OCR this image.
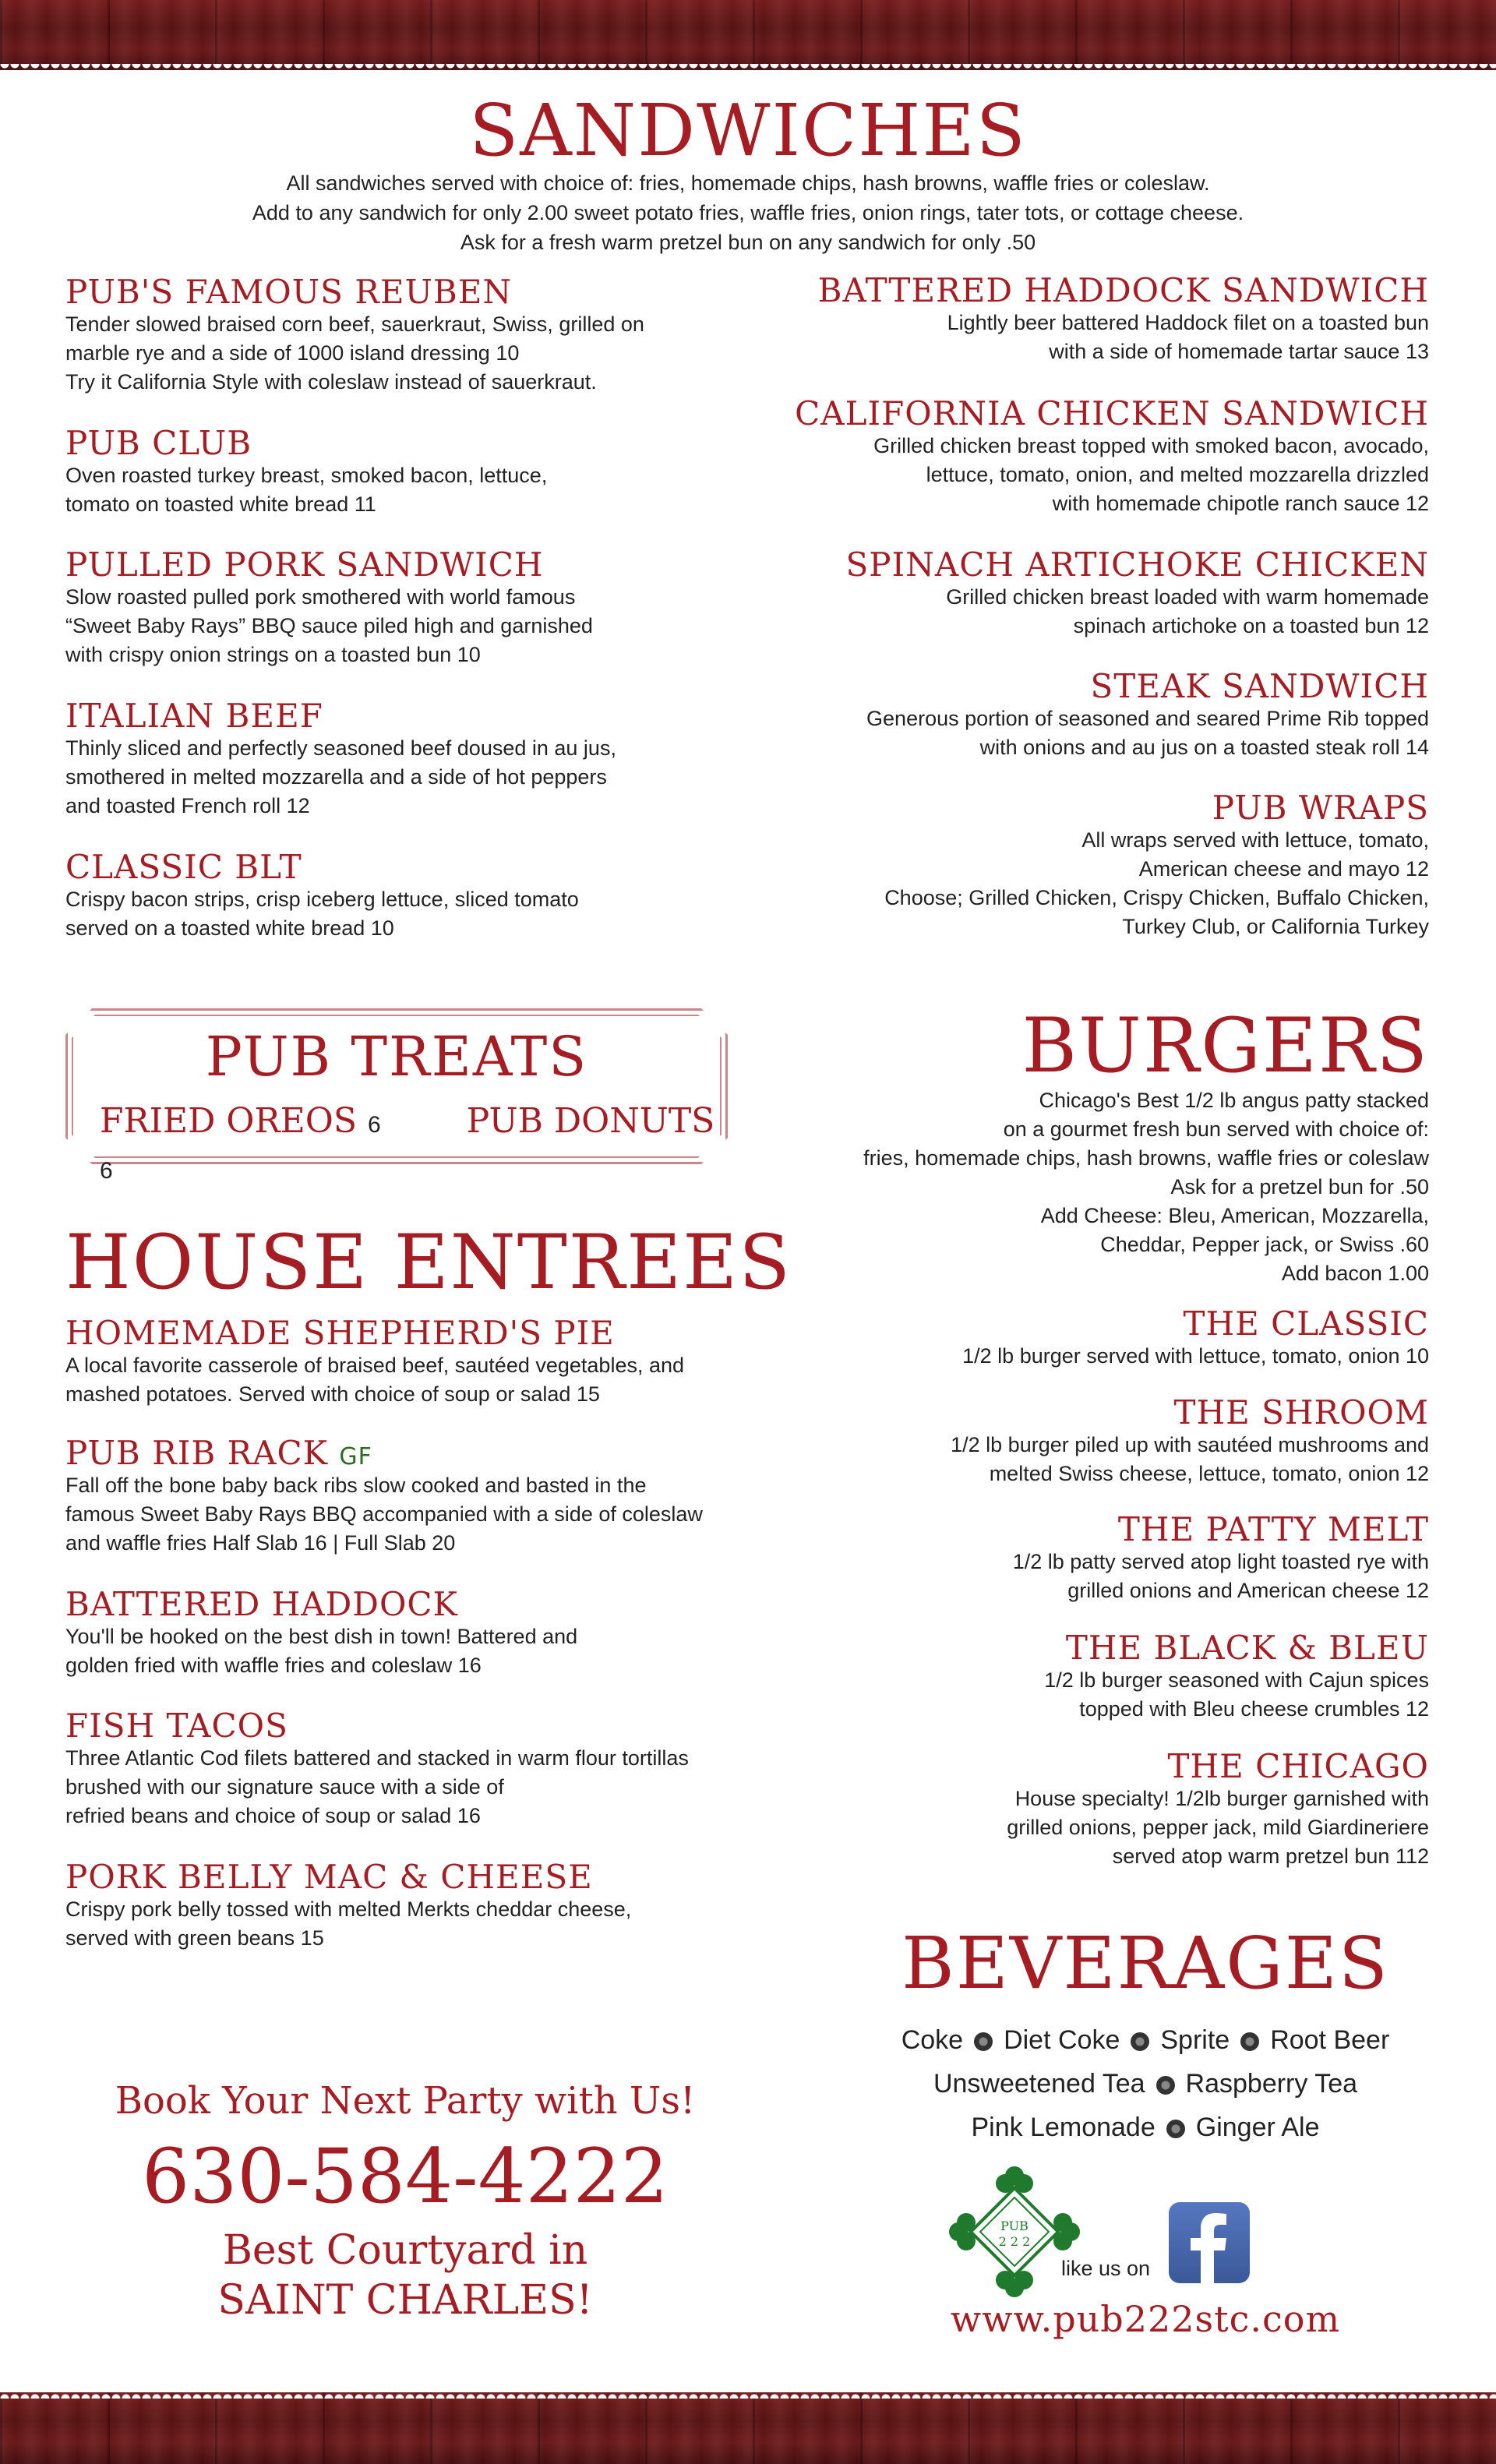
SANDWICHES
All sandwiches served with choice of: fries, homemade chips, hash browns, waffle fries or coleslaw.
Add to any sandwich for only 2.00 sweet potato fries, waffle fries, onion rings, tater tots, or cottage cheese.
Ask for a fresh warm pretzel bun on any sandwich for only .50

PUB'S FAMOUS REUBEN

Tender slowed braised corn beef, sauerkraut, Swiss, grilled on
marble rye and a side of 1000 island dressing 10
Try it California Style with coleslaw instead of sauerkraut.

PUB CLUB

Oven roasted turkey breast, smoked bacon, lettuce,
tomato on toasted white bread 11

PULLED PORK SANDWICH

Slow roasted pulled pork smothered with world famous
“Sweet Baby Rays” BBQ sauce piled high and garnished
with crispy onion strings on a toasted bun 10

ITALIAN BEEF

Thinly sliced and perfectly seasoned beef doused in au jus,
smothered in melted mozzarella and a side of hot peppers
and toasted French roll 12

CLASSIC BLT

Crispy bacon strips, crisp iceberg lettuce, sliced tomato
served on a toasted white bread 10

BATTERED HADDOCK SANDWICH

Lightly beer battered Haddock filet on a toasted bun
with a side of homemade tartar sauce 13

CALIFORNIA CHICKEN SANDWICH

Grilled chicken breast topped with smoked bacon, avocado,
lettuce, tomato, onion, and melted mozzarella drizzled
with homemade chipotle ranch sauce 12

SPINACH ARTICHOKE CHICKEN

Grilled chicken breast loaded with warm homemade
spinach artichoke on a toasted bun 12

STEAK SANDWICH

Generous portion of seasoned and seared Prime Rib topped
with onions and au jus on a toasted steak roll 14

PUB WRAPS

All wraps served with lettuce, tomato,
American cheese and mayo 12
Choose; Grilled Chicken, Crispy Chicken, Buffalo Chicken,
Turkey Club, or California Turkey

PUB TREATS
FRIED OREOS 6	PUB DONUTS 6
HOUSE ENTREES

HOMEMADE SHEPHERD'S PIE

A local favorite casserole of braised beef, sautéed vegetables, and
mashed potatoes. Served with choice of soup or salad 15

PUB RIB RACK GF

Fall off the bone baby back ribs slow cooked and basted in the
famous Sweet Baby Rays BBQ accompanied with a side of coleslaw
and waffle fries Half Slab 16 | Full Slab 20

BATTERED HADDOCK

You'll be hooked on the best dish in town! Battered and
golden fried with waffle fries and coleslaw 16

FISH TACOS

Three Atlantic Cod filets battered and stacked in warm flour tortillas
brushed with our signature sauce with a side of
refried beans and choice of soup or salad 16

PORK BELLY MAC & CHEESE

Crispy pork belly tossed with melted Merkts cheddar cheese,
served with green beans 15

BURGERS
Chicago's Best 1/2 lb angus patty stacked
on a gourmet fresh bun served with choice of:
fries, homemade chips, hash browns, waffle fries or coleslaw
Ask for a pretzel bun for .50
Add Cheese: Bleu, American, Mozzarella,
Cheddar, Pepper jack, or Swiss .60
Add bacon 1.00

THE CLASSIC

1/2 lb burger served with lettuce, tomato, onion 10

THE SHROOM

1/2 lb burger piled up with sautéed mushrooms and
melted Swiss cheese, lettuce, tomato, onion 12

THE PATTY MELT

1/2 lb patty served atop light toasted rye with
grilled onions and American cheese 12

THE BLACK & BLEU

1/2 lb burger seasoned with Cajun spices
topped with Bleu cheese crumbles 12

THE CHICAGO

House specialty! 1/2lb burger garnished with
grilled onions, pepper jack, mild Giardineriere
served atop warm pretzel bun 112

BEVERAGES
Coke Diet Coke Sprite Root Beer
Unsweetened Tea Raspberry Tea
Pink Lemonade Ginger Ale
PUB
2 2 2
like us on
www.pub222stc.com
Book Your Next Party with Us!
630-584-4222
Best Courtyard in
SAINT CHARLES!
